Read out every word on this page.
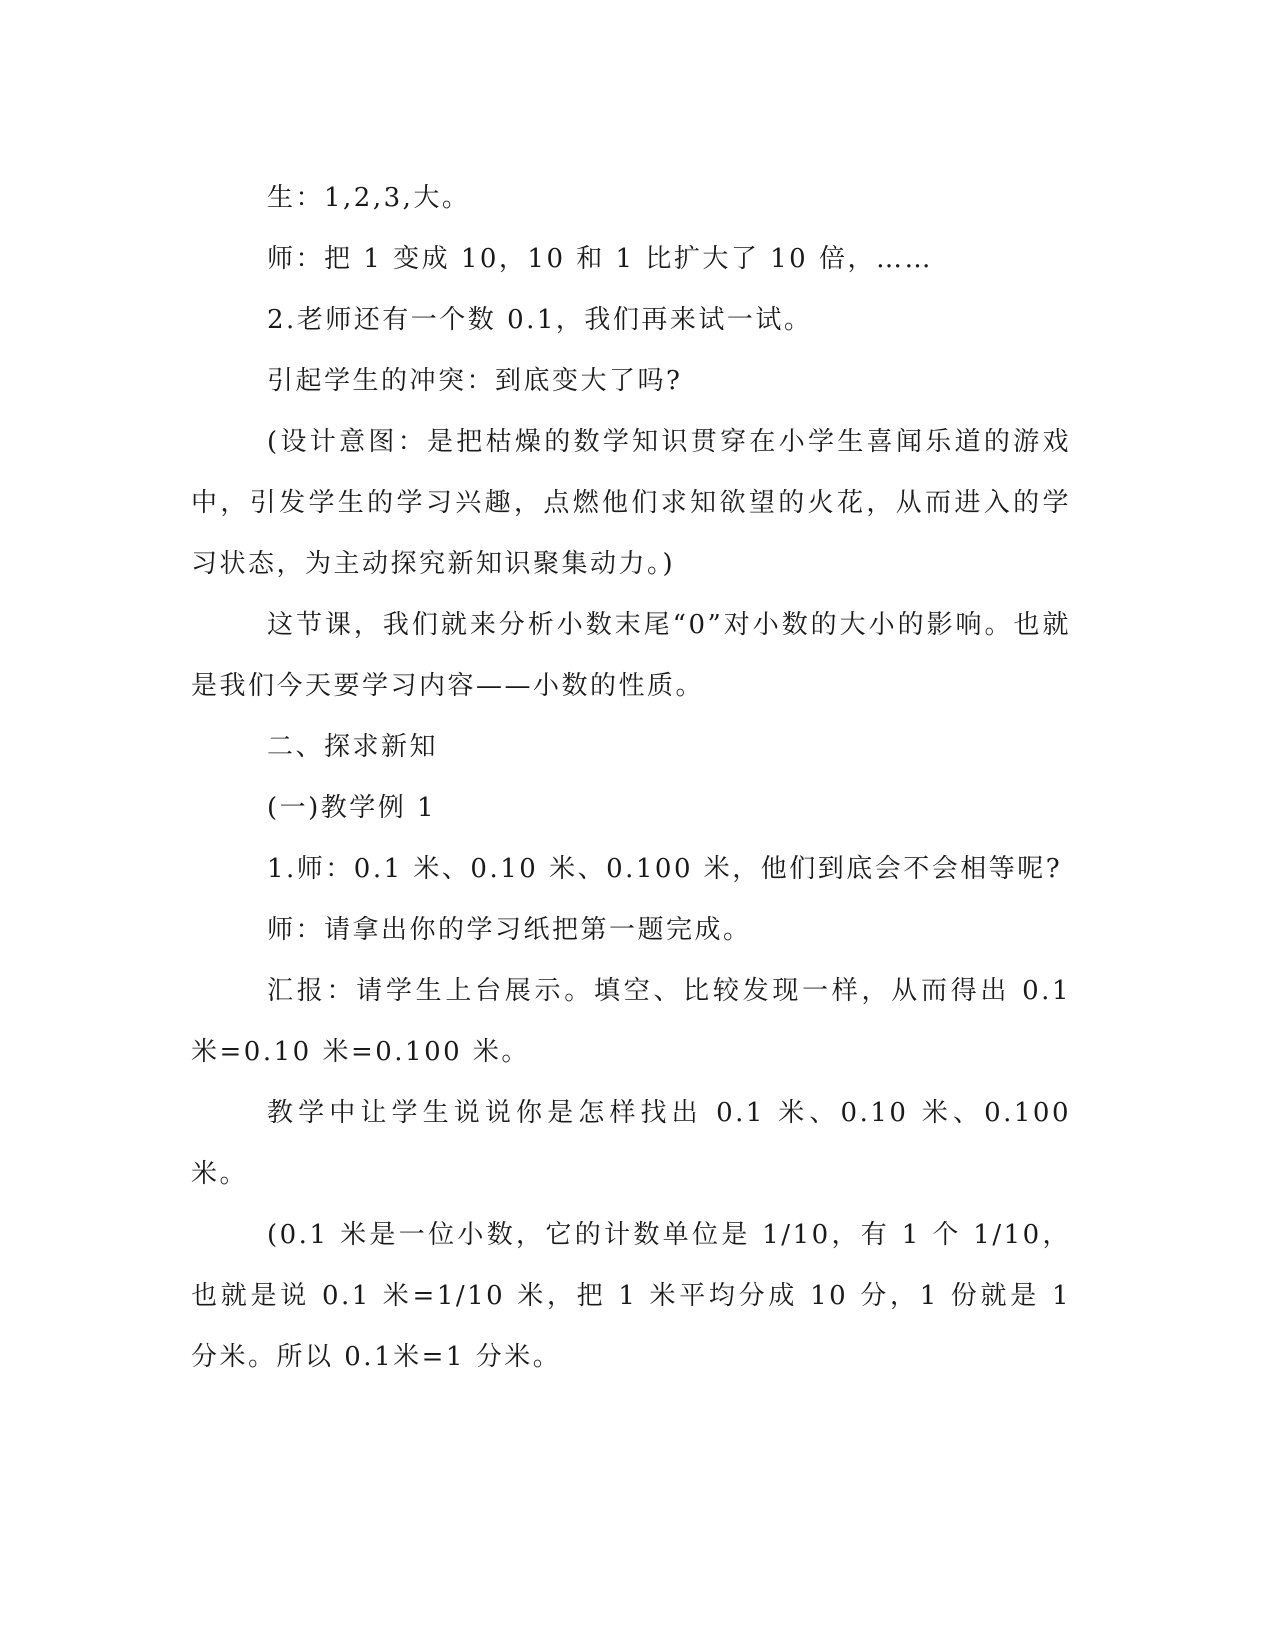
生：1,2,3,大。

师：把 1 变成 10，10 和 1 比扩大了 10 倍，……

2.老师还有一个数 0.1，我们再来试一试。

引起学生的冲突：到底变大了吗?

(设计意图：是把枯燥的数学知识贯穿在小学生喜闻乐道的游戏中，引发学生的学习兴趣，点燃他们求知欲望的火花，从而进入的学习状态，为主动探究新知识聚集动力。)

这节课，我们就来分析小数末尾“0”对小数的大小的影响。也就是我们今天要学习内容——小数的性质。

二、探求新知

(一)教学例 1

1.师：0.1 米、0.10 米、0.100 米，他们到底会不会相等呢?

师：请拿出你的学习纸把第一题完成。

汇报：请学生上台展示。填空、比较发现一样，从而得出 0.1 米=0.10 米=0.100 米。

教学中让学生说说你是怎样找出 0.1 米、0.10 米、0.100 米。

(0.1 米是一位小数，它的计数单位是 1/10，有 1 个 1/10，也就是说 0.1 米=1/10 米，把 1 米平均分成 10 分，1 份就是 1 分米。所以 0.1米=1 分米。
